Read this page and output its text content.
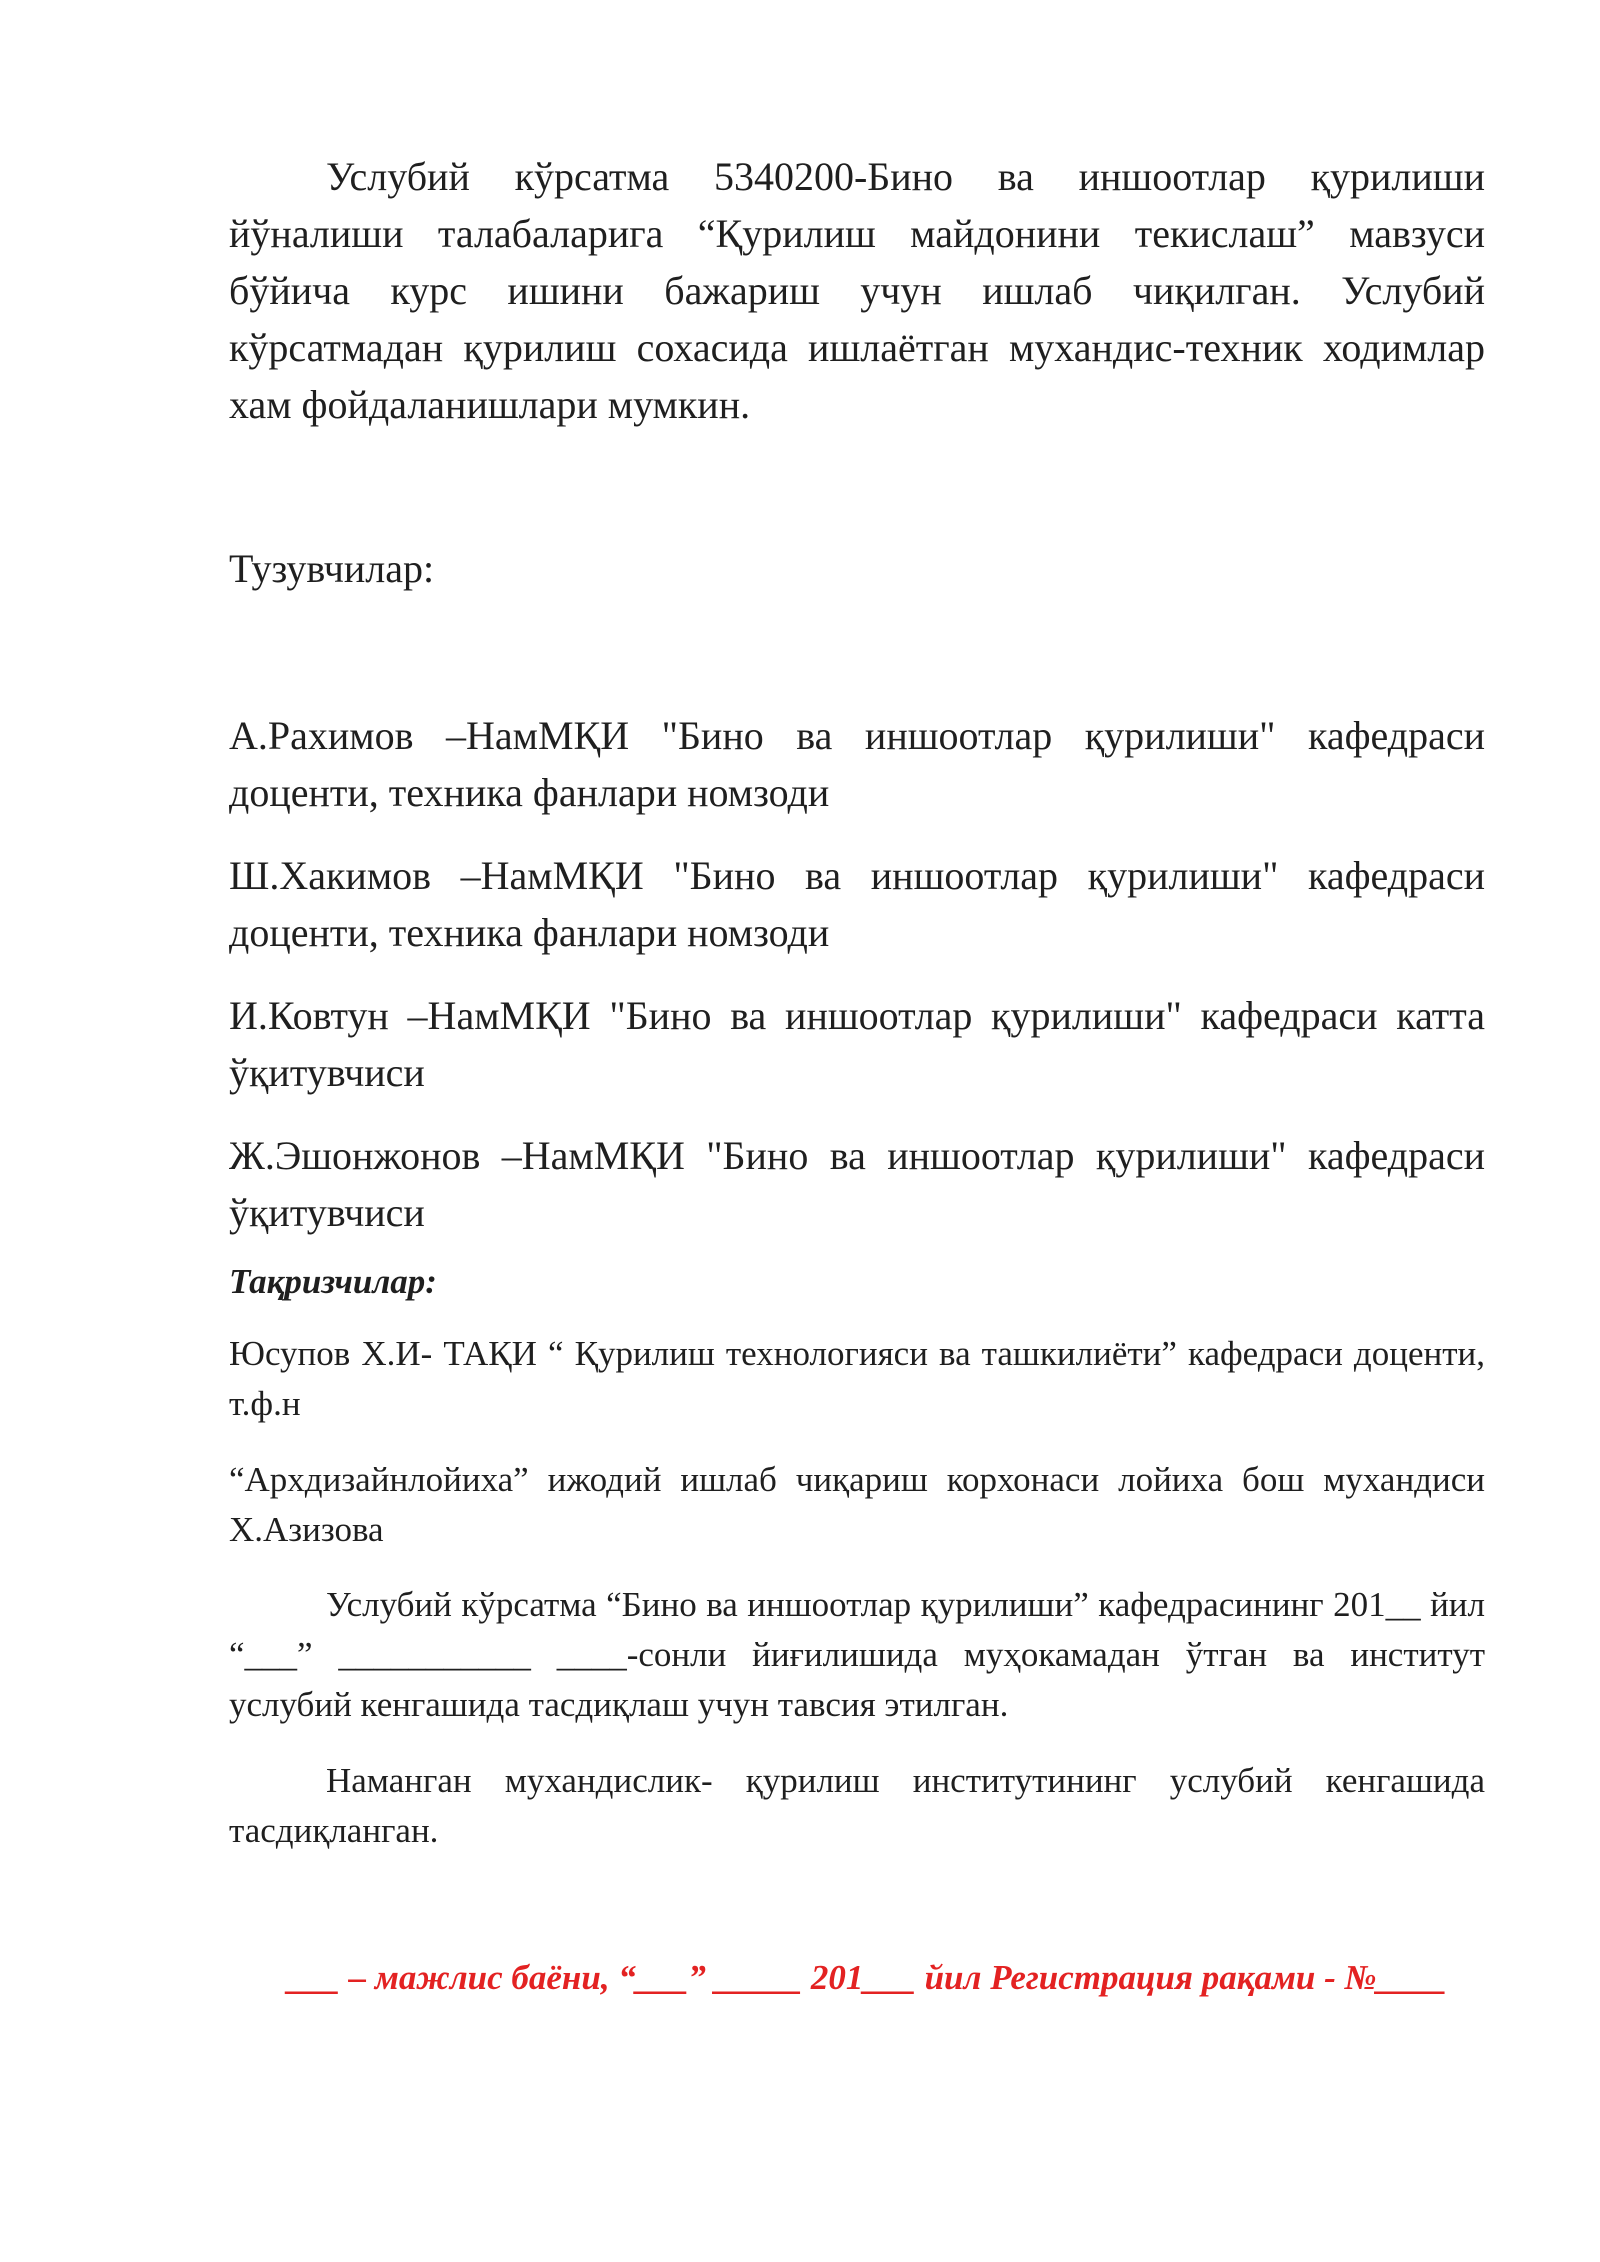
Услубий кўрсатма 5340200-Бино ва иншоотлар қурилиши йўналиши талабаларига “Қурилиш майдонини текислаш” мавзуси бўйича курс ишини бажариш учун ишлаб чиқилган. Услубий кўрсатмадан қурилиш сохасида ишлаётган мухандис-техник ходимлар хам фойдаланишлари мумкин.

Тузувчилар:

А.Рахимов –НамМҚИ "Бино ва иншоотлар қурилиши" кафедраси доценти, техника фанлари номзоди

Ш.Хакимов –НамМҚИ "Бино ва иншоотлар қурилиши" кафедраси доценти, техника фанлари номзоди

И.Ковтун –НамМҚИ "Бино ва иншоотлар қурилиши" кафедраси катта ўқитувчиси

Ж.Эшонжонов –НамМҚИ "Бино ва иншоотлар қурилиши" кафедраси ўқитувчиси

Тақризчилар:

Юсупов Х.И- ТАҚИ “ Қурилиш технологияси ва ташкилиёти” кафедраси доценти, т.ф.н

“Архдизайнлойиха” ижодий ишлаб чиқариш корхонаси лойиха бош мухандиси Х.Азизова

Услубий кўрсатма “Бино ва иншоотлар қурилиши” кафедрасининг 201__ йил “___” ___________ ____-сонли йиғилишида муҳокамадан ўтган ва институт услубий кенгашида тасдиқлаш учун тавсия этилган.

Наманган мухандислик- қурилиш институтининг услубий кенгашида тасдиқланган.

___ – мажлис баёни, “___” _____ 201___ йил Регистрация рақами - №____
